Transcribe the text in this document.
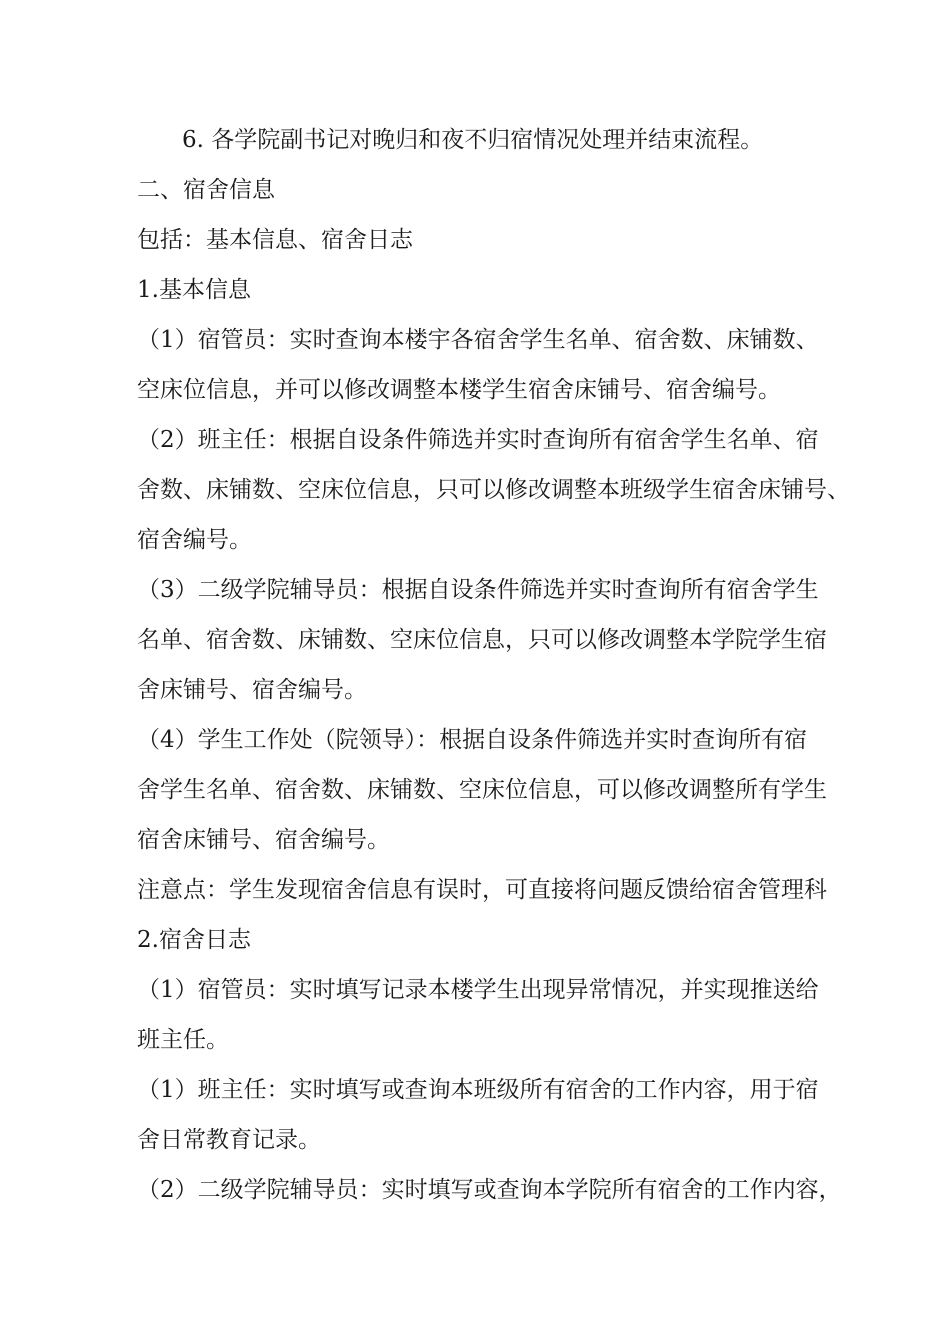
6. 各学院副书记对晚归和夜不归宿情况处理并结束流程。
二、宿舍信息
包括：基本信息、宿舍日志
1.基本信息
（1）宿管员：实时查询本楼宇各宿舍学生名单、宿舍数、床铺数、
空床位信息，并可以修改调整本楼学生宿舍床铺号、宿舍编号。
（2）班主任：根据自设条件筛选并实时查询所有宿舍学生名单、宿
舍数、床铺数、空床位信息，只可以修改调整本班级学生宿舍床铺号、
宿舍编号。
（3）二级学院辅导员：根据自设条件筛选并实时查询所有宿舍学生
名单、宿舍数、床铺数、空床位信息，只可以修改调整本学院学生宿
舍床铺号、宿舍编号。
（4）学生工作处（院领导）：根据自设条件筛选并实时查询所有宿
舍学生名单、宿舍数、床铺数、空床位信息，可以修改调整所有学生
宿舍床铺号、宿舍编号。
注意点：学生发现宿舍信息有误时，可直接将问题反馈给宿舍管理科
2.宿舍日志
（1）宿管员：实时填写记录本楼学生出现异常情况，并实现推送给
班主任。
（1）班主任：实时填写或查询本班级所有宿舍的工作内容，用于宿
舍日常教育记录。
（2）二级学院辅导员：实时填写或查询本学院所有宿舍的工作内容，
